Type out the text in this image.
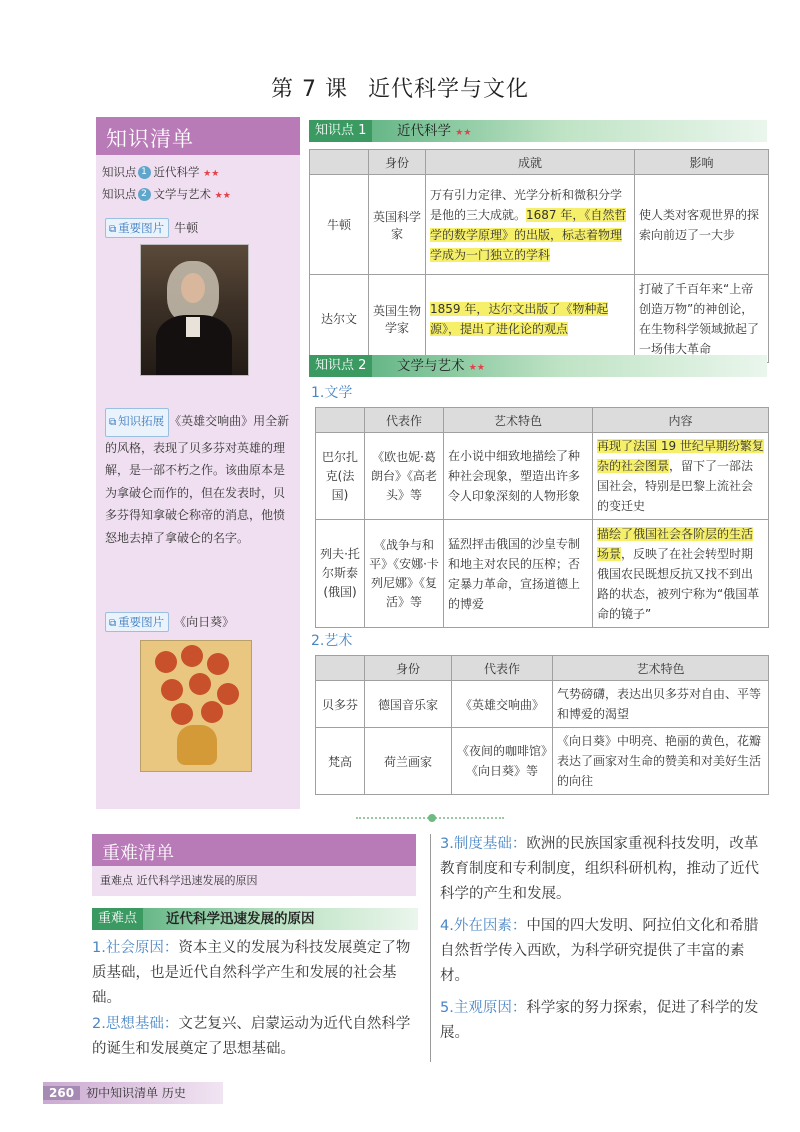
第 7 课 近代科学与文化
知识清单
知识点 1 近代科学 ★★
知识点 2 文学与艺术 ★★
⧉ 重要图片 牛顿
⧉ 知识拓展 《英雄交响曲》用全新的风格，表现了贝多芬对英雄的理解，是一部不朽之作。该曲原本是为拿破仑而作的，但在发表时，贝多芬得知拿破仑称帝的消息，他愤怒地去掉了拿破仑的名字。
⧉ 重要图片 《向日葵》
知识点 1	近代科学 ★★
	身份	成就	影响
牛顿	英国科学家	万有引力定律、光学分析和微积分学是他的三大成就。1687 年，《自然哲学的数学原理》的出版，标志着物理学成为一门独立的学科	使人类对客观世界的探索向前迈了一大步
达尔文	英国生物学家	1859 年，达尔文出版了《物种起源》，提出了进化论的观点	打破了千百年来“上帝创造万物”的神创论，在生物科学领域掀起了一场伟大革命
知识点 2	文学与艺术 ★★
1.文学
	代表作	艺术特色	内容
巴尔扎克(法国)	《欧也妮·葛朗台》《高老头》等	在小说中细致地描绘了种种社会现象，塑造出许多令人印象深刻的人物形象	再现了法国 19 世纪早期纷繁复杂的社会图景，留下了一部法国社会，特别是巴黎上流社会的变迁史
列夫·托尔斯泰(俄国)	《战争与和平》《安娜·卡列尼娜》《复活》等	猛烈抨击俄国的沙皇专制和地主对农民的压榨；否定暴力革命，宣扬道德上的博爱	描绘了俄国社会各阶层的生活场景，反映了在社会转型时期俄国农民既想反抗又找不到出路的状态，被列宁称为“俄国革命的镜子”
2.艺术
	身份	代表作	艺术特色
贝多芬	德国音乐家	《英雄交响曲》	气势磅礴，表达出贝多芬对自由、平等和博爱的渴望
梵高	荷兰画家	《夜间的咖啡馆》《向日葵》等	《向日葵》中明亮、艳丽的黄色，花瓣表达了画家对生命的赞美和对美好生活的向往
重难清单
重难点 近代科学迅速发展的原因
重难点	近代科学迅速发展的原因
1.社会原因：资本主义的发展为科技发展奠定了物质基础，也是近代自然科学产生和发展的社会基础。
2.思想基础：文艺复兴、启蒙运动为近代自然科学的诞生和发展奠定了思想基础。
3.制度基础：欧洲的民族国家重视科技发明，改革教育制度和专利制度，组织科研机构，推动了近代科学的产生和发展。
4.外在因素：中国的四大发明、阿拉伯文化和希腊自然哲学传入西欧，为科学研究提供了丰富的素材。
5.主观原因：科学家的努力探索，促进了科学的发展。
260 初中知识清单 历史
